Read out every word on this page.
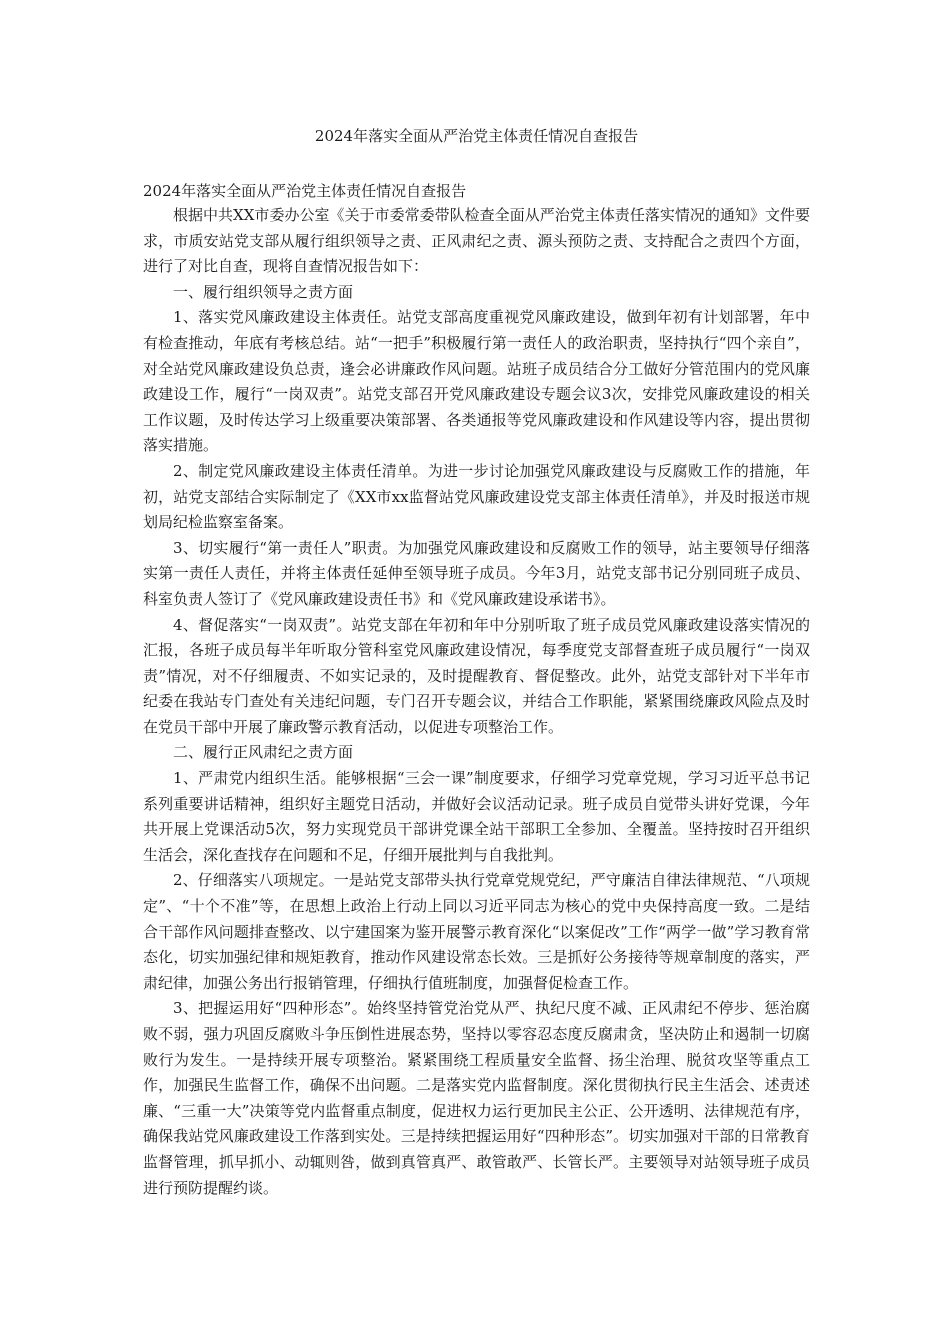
2024年落实全面从严治党主体责任情况自查报告

2024年落实全面从严治党主体责任情况自查报告

根据中共XX市委办公室《关于市委常委带队检查全面从严治党主体责任落实情况的通知》文件要求，市质安站党支部从履行组织领导之责、正风肃纪之责、源头预防之责、支持配合之责四个方面，进行了对比自查，现将自查情况报告如下：

一、履行组织领导之责方面

1、落实党风廉政建设主体责任。站党支部高度重视党风廉政建设，做到年初有计划部署，年中有检查推动，年底有考核总结。站“一把手”积极履行第一责任人的政治职责，坚持执行“四个亲自”，对全站党风廉政建设负总责，逢会必讲廉政作风问题。站班子成员结合分工做好分管范围内的党风廉政建设工作，履行“一岗双责”。站党支部召开党风廉政建设专题会议3次，安排党风廉政建设的相关工作议题，及时传达学习上级重要决策部署、各类通报等党风廉政建设和作风建设等内容，提出贯彻落实措施。

2、制定党风廉政建设主体责任清单。为进一步讨论加强党风廉政建设与反腐败工作的措施，年初，站党支部结合实际制定了《XX市xx监督站党风廉政建设党支部主体责任清单》，并及时报送市规划局纪检监察室备案。

3、切实履行“第一责任人”职责。为加强党风廉政建设和反腐败工作的领导，站主要领导仔细落实第一责任人责任，并将主体责任延伸至领导班子成员。今年3月，站党支部书记分别同班子成员、科室负责人签订了《党风廉政建设责任书》和《党风廉政建设承诺书》。

4、督促落实“一岗双责”。站党支部在年初和年中分别听取了班子成员党风廉政建设落实情况的汇报，各班子成员每半年听取分管科室党风廉政建设情况，每季度党支部督查班子成员履行“一岗双责”情况，对不仔细履责、不如实记录的，及时提醒教育、督促整改。此外，站党支部针对下半年市纪委在我站专门查处有关违纪问题，专门召开专题会议，并结合工作职能，紧紧围绕廉政风险点及时在党员干部中开展了廉政警示教育活动，以促进专项整治工作。

二、履行正风肃纪之责方面

1、严肃党内组织生活。能够根据“三会一课”制度要求，仔细学习党章党规，学习习近平总书记系列重要讲话精神，组织好主题党日活动，并做好会议活动记录。班子成员自觉带头讲好党课，今年共开展上党课活动5次，努力实现党员干部讲党课全站干部职工全参加、全覆盖。坚持按时召开组织生活会，深化查找存在问题和不足，仔细开展批判与自我批判。

2、仔细落实八项规定。一是站党支部带头执行党章党规党纪，严守廉洁自律法律规范、“八项规定”、“十个不准”等，在思想上政治上行动上同以习近平同志为核心的党中央保持高度一致。二是结合干部作风问题排查整改、以宁建国案为鉴开展警示教育深化“以案促改”工作“两学一做”学习教育常态化，切实加强纪律和规矩教育，推动作风建设常态长效。三是抓好公务接待等规章制度的落实，严肃纪律，加强公务出行报销管理，仔细执行值班制度，加强督促检查工作。

3、把握运用好“四种形态”。始终坚持管党治党从严、执纪尺度不减、正风肃纪不停步、惩治腐败不弱，强力巩固反腐败斗争压倒性进展态势，坚持以零容忍态度反腐肃贪，坚决防止和遏制一切腐败行为发生。一是持续开展专项整治。紧紧围绕工程质量安全监督、扬尘治理、脱贫攻坚等重点工作，加强民生监督工作，确保不出问题。二是落实党内监督制度。深化贯彻执行民主生活会、述责述廉、“三重一大”决策等党内监督重点制度，促进权力运行更加民主公正、公开透明、法律规范有序，确保我站党风廉政建设工作落到实处。三是持续把握运用好“四种形态”。切实加强对干部的日常教育监督管理，抓早抓小、动辄则咎，做到真管真严、敢管敢严、长管长严。主要领导对站领导班子成员进行预防提醒约谈。
